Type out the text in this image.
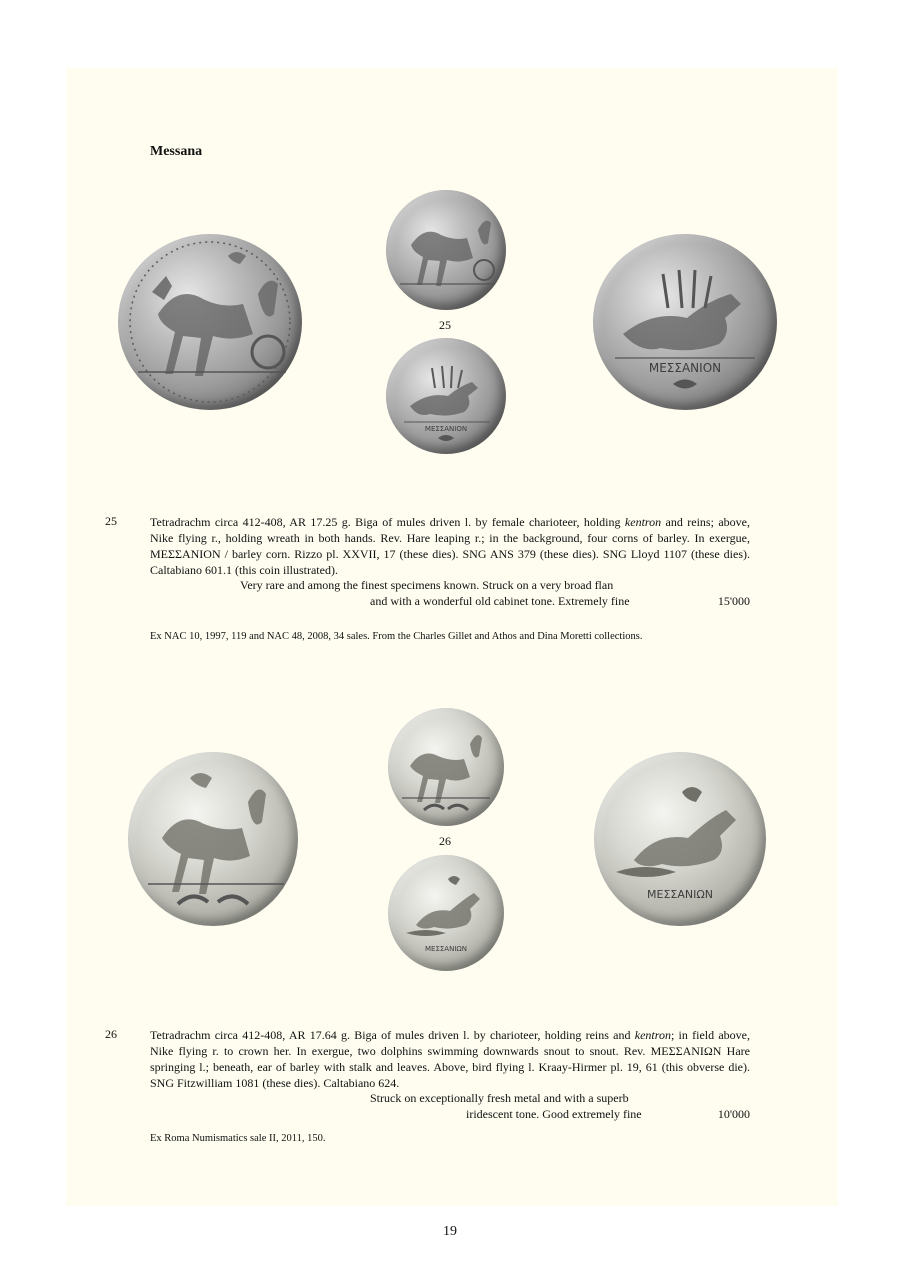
Messana
25
ΜΕΣΣΑΝΙΟΝ
ΜΕΣΣΑΝΙΟΝ
25	Tetradrachm circa 412-408, AR 17.25 g. Biga of mules driven l. by female charioteer, holding kentron and reins; above, Nike flying r., holding wreath in both hands. Rev. Hare leaping r.; in the background, four corns of barley. In exergue, ΜΕΣΣΑΝΙΟΝ / barley corn. Rizzo pl. XXVII, 17 (these dies). SNG ANS 379 (these dies). SNG Lloyd 1107 (these dies). Caltabiano 601.1 (this coin illustrated).
Very rare and among the finest specimens known. Struck on a very broad flan
and with a wonderful old cabinet tone. Extremely fine	15'000
Ex NAC 10, 1997, 119 and NAC 48, 2008, 34 sales. From the Charles Gillet and Athos and Dina Moretti collections.
26
ΜΕΣΣΑΝΙΩΝ
ΜΕΣΣΑΝΙΩΝ
26	Tetradrachm circa 412-408, AR 17.64 g. Biga of mules driven l. by charioteer, holding reins and kentron; in field above, Nike flying r. to crown her. In exergue, two dolphins swimming downwards snout to snout. Rev. ΜΕΣΣΑΝΙΩΝ Hare springing l.; beneath, ear of barley with stalk and leaves. Above, bird flying l. Kraay-Hirmer pl. 19, 61 (this obverse die). SNG Fitzwilliam 1081 (these dies). Caltabiano 624.
Struck on exceptionally fresh metal and with a superb
iridescent tone. Good extremely fine	10'000
Ex Roma Numismatics sale II, 2011, 150.
19
